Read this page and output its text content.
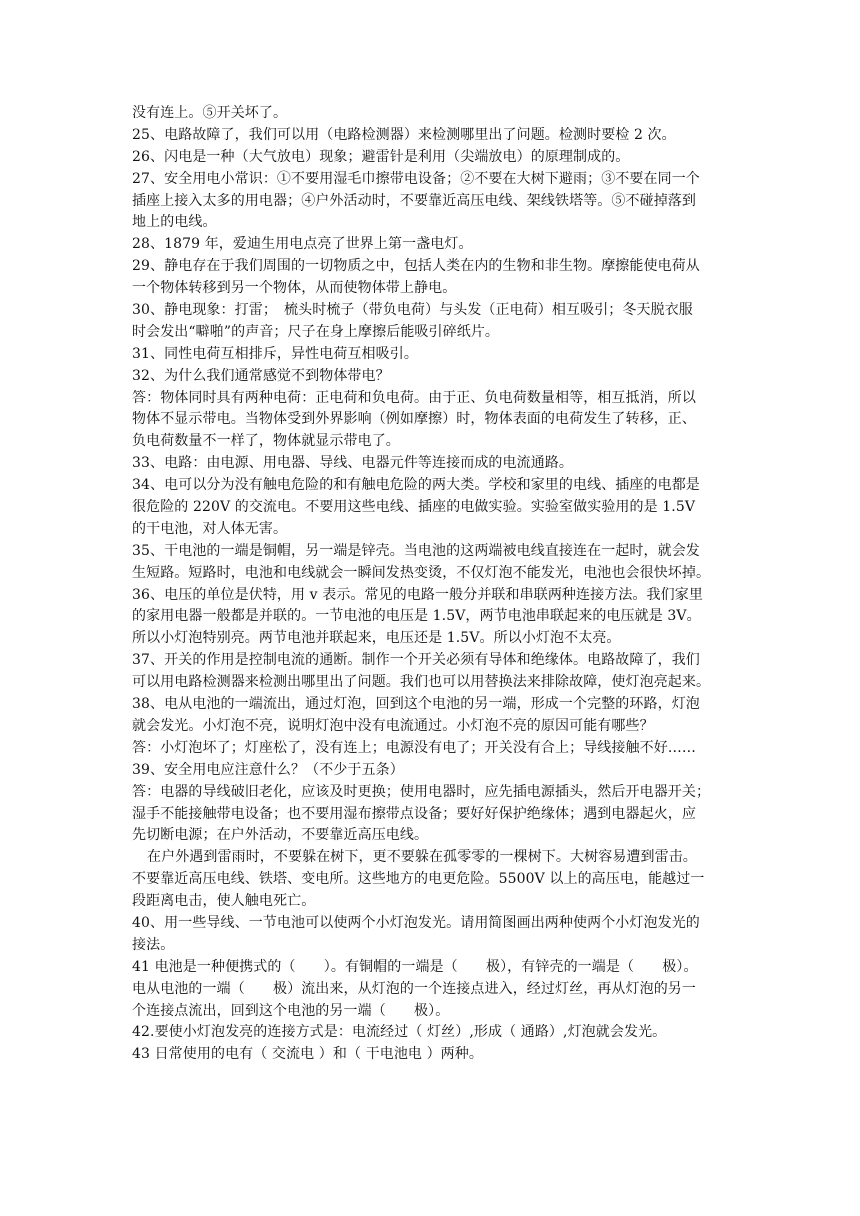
没有连上。⑤开关坏了。
25、电路故障了，我们可以用（电路检测器）来检测哪里出了问题。检测时要检 2 次。
26、闪电是一种（大气放电）现象；避雷针是利用（尖端放电）的原理制成的。
27、安全用电小常识：①不要用湿毛巾擦带电设备；②不要在大树下避雨；③不要在同一个
插座上接入太多的用电器；④户外活动时，不要靠近高压电线、架线铁塔等。⑤不碰掉落到
地上的电线。
28、1879 年，爱迪生用电点亮了世界上第一盏电灯。
29、静电存在于我们周围的一切物质之中，包括人类在内的生物和非生物。摩擦能使电荷从
一个物体转移到另一个物体，从而使物体带上静电。
30、静电现象：打雷；　梳头时梳子（带负电荷）与头发（正电荷）相互吸引；冬天脱衣服
时会发出“噼啪”的声音；尺子在身上摩擦后能吸引碎纸片。
31、同性电荷互相排斥，异性电荷互相吸引。
32、为什么我们通常感觉不到物体带电？
答：物体同时具有两种电荷：正电荷和负电荷。由于正、负电荷数量相等，相互抵消，所以
物体不显示带电。当物体受到外界影响（例如摩擦）时，物体表面的电荷发生了转移，正、
负电荷数量不一样了，物体就显示带电了。
33、电路：由电源、用电器、导线、电器元件等连接而成的电流通路。
34、电可以分为没有触电危险的和有触电危险的两大类。学校和家里的电线、插座的电都是
很危险的 220V 的交流电。不要用这些电线、插座的电做实验。实验室做实验用的是 1.5V
的干电池，对人体无害。
35、干电池的一端是铜帽，另一端是锌壳。当电池的这两端被电线直接连在一起时，就会发
生短路。短路时，电池和电线就会一瞬间发热变烫，不仅灯泡不能发光，电池也会很快坏掉。
36、电压的单位是伏特，用 v 表示。常见的电路一般分并联和串联两种连接方法。我们家里
的家用电器一般都是并联的。一节电池的电压是 1.5V，两节电池串联起来的电压就是 3V。
所以小灯泡特别亮。两节电池并联起来，电压还是 1.5V。所以小灯泡不太亮。
37、开关的作用是控制电流的通断。制作一个开关必须有导体和绝缘体。电路故障了，我们
可以用电路检测器来检测出哪里出了问题。我们也可以用替换法来排除故障，使灯泡亮起来。
38、电从电池的一端流出，通过灯泡，回到这个电池的另一端，形成一个完整的环路，灯泡
就会发光。小灯泡不亮，说明灯泡中没有电流通过。小灯泡不亮的原因可能有哪些？
答：小灯泡坏了；灯座松了，没有连上；电源没有电了；开关没有合上；导线接触不好……
39、安全用电应注意什么？（不少于五条）
答：电器的导线破旧老化，应该及时更换；使用电器时，应先插电源插头，然后开电器开关；
湿手不能接触带电设备；也不要用湿布擦带点设备；要好好保护绝缘体；遇到电器起火，应
先切断电源；在户外活动，不要靠近高压电线。
在户外遇到雷雨时，不要躲在树下，更不要躲在孤零零的一棵树下。大树容易遭到雷击。
不要靠近高压电线、铁塔、变电所。这些地方的电更危险。5500V 以上的高压电，能越过一
段距离电击，使人触电死亡。
40、用一些导线、一节电池可以使两个小灯泡发光。请用简图画出两种使两个小灯泡发光的
接法。
41 电池是一种便携式的（　　）。有铜帽的一端是（　　极），有锌壳的一端是（　　极）。
电从电池的一端（　　极）流出来，从灯泡的一个连接点进入，经过灯丝，再从灯泡的另一
个连接点流出，回到这个电池的另一端（　　极）。
42.要使小灯泡发亮的连接方式是：电流经过（ 灯丝）,形成（ 通路）,灯泡就会发光。
43 日常使用的电有（ 交流电 ）和（ 干电池电 ）两种。
